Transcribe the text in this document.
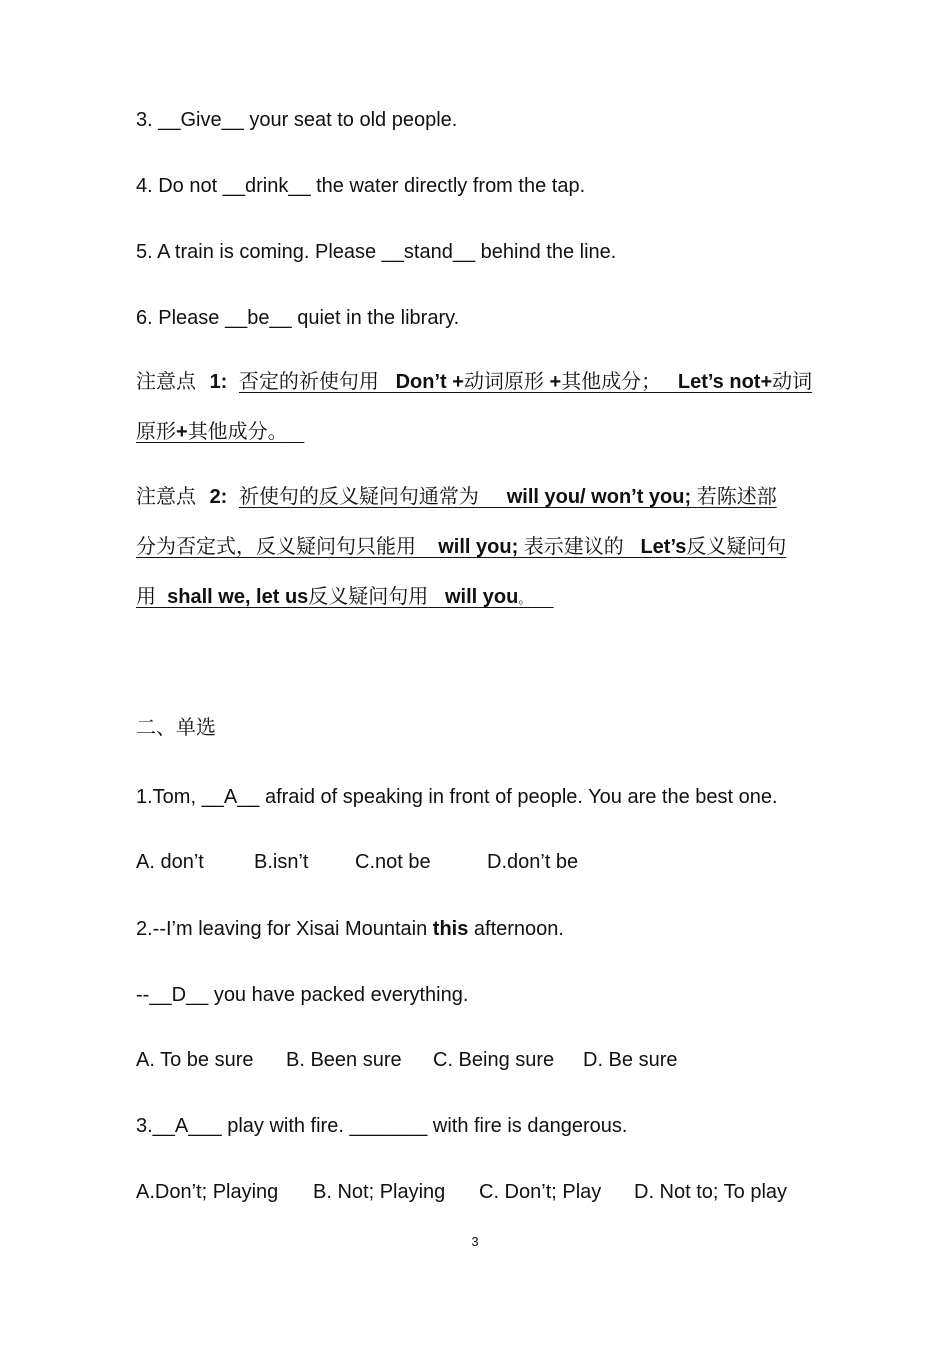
3. __Give__ your seat to old people.
4. Do not __drink__ the water directly from the tap.
5. A train is coming. Please __stand__ behind the line.
6. Please __be__ quiet in the library.
注意点 1: 否定的祈使句用 Don’t +动词原形 +其他成分； Let’s not+动词
原形+其他成分。
注意点 2: 祈使句的反义疑问句通常为 will you/ won’t you; 若陈述部
分为否定式，反义疑问句只能用 will you; 表示建议的 Let’s反义疑问句
用 shall we, let us反义疑问句用 will you。
二、单选
1.Tom, __A__ afraid of speaking in front of people. You are the best one.
A. don’t	B.isn’t C.not be	D.don’t be
2.--I’m leaving for Xisai Mountain this afternoon.
--__D__ you have packed everything.
A. To be sure B. Been sure C. Being sure D. Be sure
3.__A___ play with fire. _______ with fire is dangerous.
A.Don’t; Playing B. Not; Playing C. Don’t; Play D. Not to; To play
3
